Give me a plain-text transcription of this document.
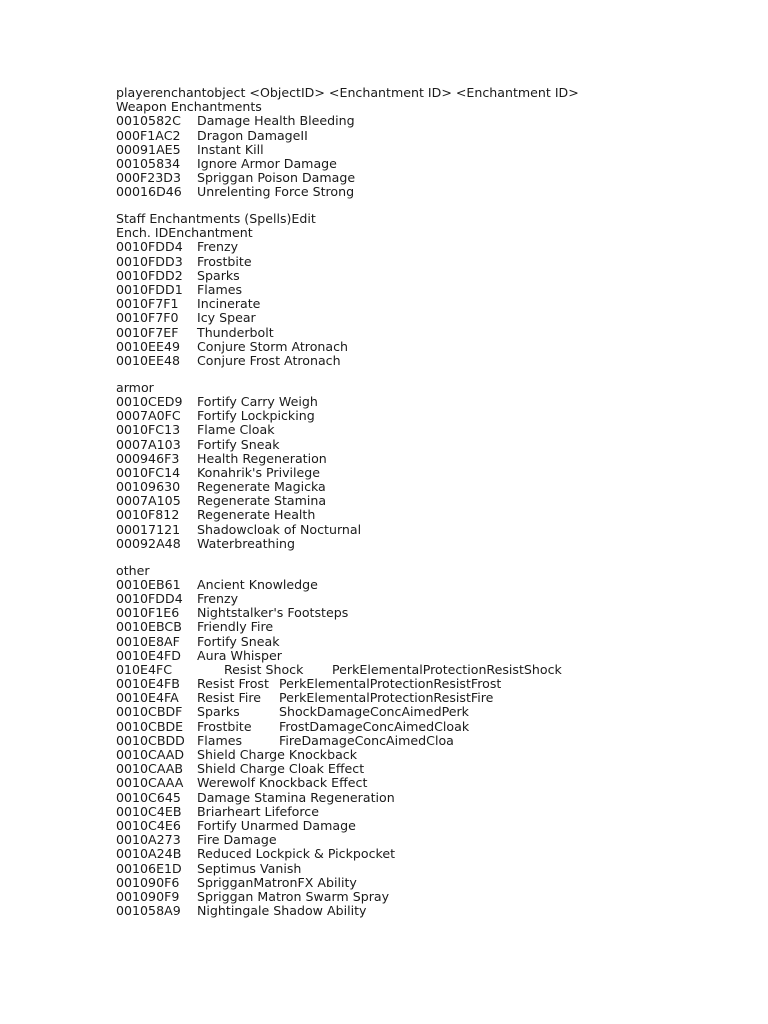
playerenchantobject <ObjectID> <Enchantment ID> <Enchantment ID>
Weapon Enchantments
0010582C Damage Health Bleeding
000F1AC2 Dragon DamageII
00091AE5 Instant Kill
00105834 Ignore Armor Damage
000F23D3 Spriggan Poison Damage
00016D46 Unrelenting Force Strong
Staff Enchantments (Spells)Edit
Ench. IDEnchantment
0010FDD4 Frenzy
0010FDD3 Frostbite
0010FDD2 Sparks
0010FDD1 Flames
0010F7F1 Incinerate
0010F7F0 Icy Spear
0010F7EF Thunderbolt
0010EE49 Conjure Storm Atronach
0010EE48 Conjure Frost Atronach
armor
0010CED9 Fortify Carry Weigh
0007A0FC Fortify Lockpicking
0010FC13 Flame Cloak
0007A103 Fortify Sneak
000946F3 Health Regeneration
0010FC14 Konahrik's Privilege
00109630 Regenerate Magicka
0007A105 Regenerate Stamina
0010F812 Regenerate Health
00017121 Shadowcloak of Nocturnal
00092A48 Waterbreathing
other
0010EB61 Ancient Knowledge
0010FDD4 Frenzy
0010F1E6 Nightstalker's Footsteps
0010EBCB Friendly Fire
0010E8AF Fortify Sneak
0010E4FD Aura Whisper
010E4FC	Resist Shock PerkElementalProtectionResistShock
0010E4FB Resist Frost PerkElementalProtectionResistFrost
0010E4FA Resist Fire PerkElementalProtectionResistFire
0010CBDF Sparks	ShockDamageConcAimedPerk
0010CBDE Frostbite FrostDamageConcAimedCloak
0010CBDD Flames	FireDamageConcAimedCloa
0010CAAD Shield Charge Knockback
0010CAAB Shield Charge Cloak Effect
0010CAAA Werewolf Knockback Effect
0010C645 Damage Stamina Regeneration
0010C4EB Briarheart Lifeforce
0010C4E6 Fortify Unarmed Damage
0010A273 Fire Damage
0010A24B Reduced Lockpick & Pickpocket
00106E1D Septimus Vanish
001090F6 SprigganMatronFX Ability
001090F9 Spriggan Matron Swarm Spray
001058A9 Nightingale Shadow Ability
